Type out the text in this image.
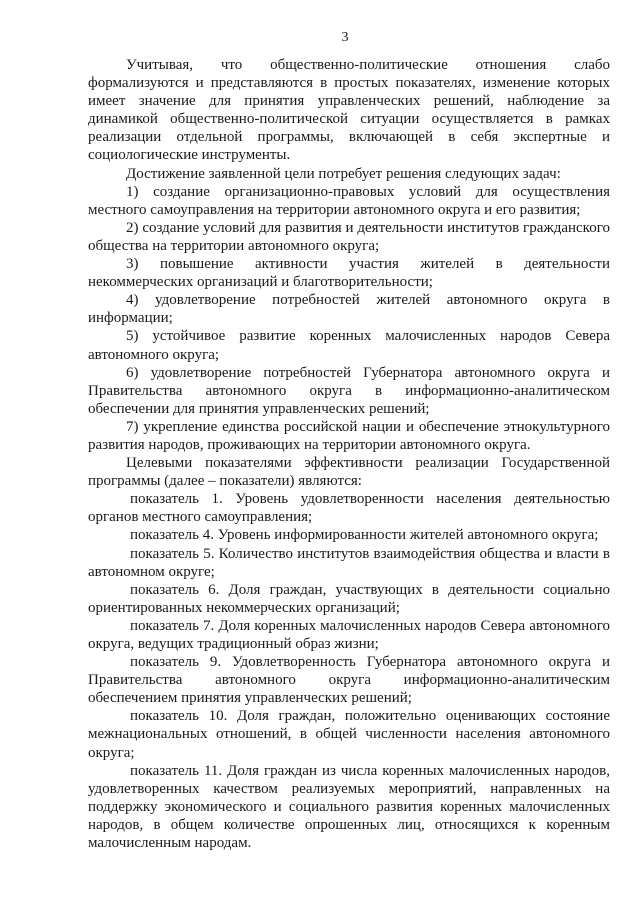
3

Учитывая, что общественно-политические отношения слабо формализуются и представляются в простых показателях, изменение которых имеет значение для принятия управленческих решений, наблюдение за динамикой общественно-политической ситуации осуществляется в рамках реализации отдельной программы, включающей в себя экспертные и социологические инструменты.

Достижение заявленной цели потребует решения следующих задач:

1) создание организационно-правовых условий для осуществления местного самоуправления на территории автономного округа и его развития;

2) создание условий для развития и деятельности институтов гражданского общества на территории автономного округа;

3) повышение активности участия жителей в деятельности некоммерческих организаций и благотворительности;

4) удовлетворение потребностей жителей автономного округа в информации;

5) устойчивое развитие коренных малочисленных народов Севера автономного округа;

6) удовлетворение потребностей Губернатора автономного округа и Правительства автономного округа в информационно-аналитическом обеспечении для принятия управленческих решений;

7) укрепление единства российской нации и обеспечение этнокультурного развития народов, проживающих на территории автономного округа.

Целевыми показателями эффективности реализации Государственной программы (далее – показатели) являются:

показатель 1. Уровень удовлетворенности населения деятельностью органов местного самоуправления;

показатель 4. Уровень информированности жителей автономного округа;

показатель 5. Количество институтов взаимодействия общества и власти в автономном округе;

показатель 6. Доля граждан, участвующих в деятельности социально ориентированных некоммерческих организаций;

показатель 7. Доля коренных малочисленных народов Севера автономного округа, ведущих традиционный образ жизни;

показатель 9. Удовлетворенность Губернатора автономного округа и Правительства автономного округа информационно-аналитическим обеспечением принятия управленческих решений;

показатель 10. Доля граждан, положительно оценивающих состояние межнациональных отношений, в общей численности населения автономного округа;

показатель 11. Доля граждан из числа коренных малочисленных народов, удовлетворенных качеством реализуемых мероприятий, направленных на поддержку экономического и социального развития коренных малочисленных народов, в общем количестве опрошенных лиц, относящихся к коренным малочисленным народам.
